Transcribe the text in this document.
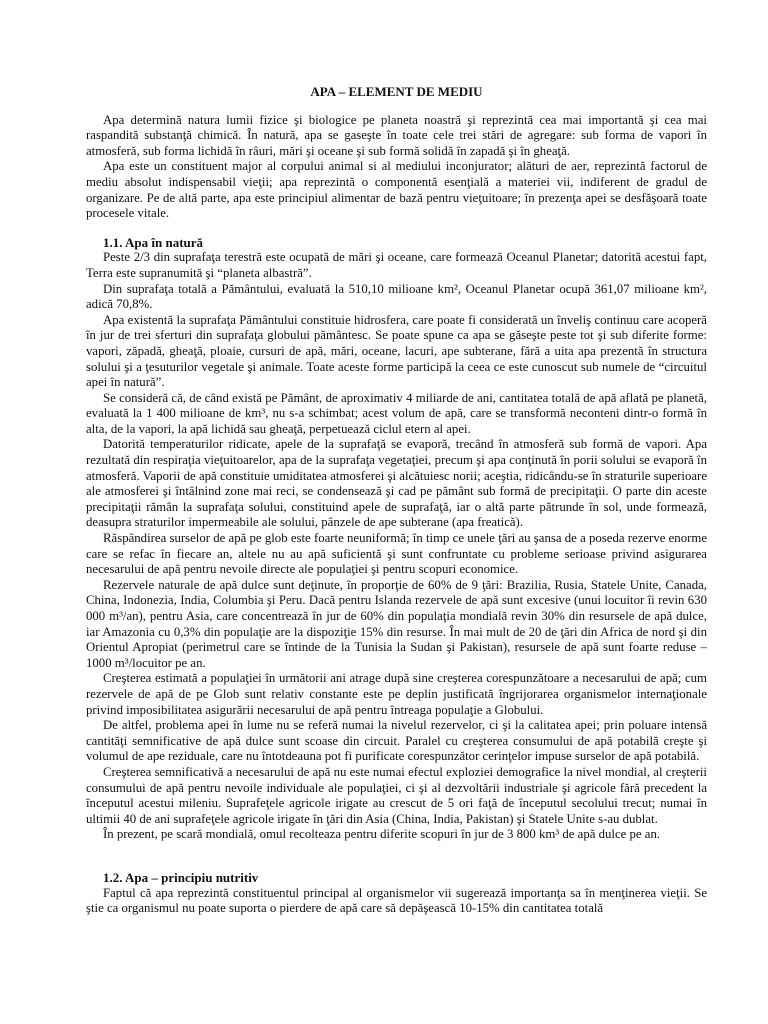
APA – ELEMENT DE MEDIU

Apa determină natura lumii fizice şi biologice pe planeta noastră şi reprezintă cea mai importantă şi cea mai raspandită substanţă chimică. În natură, apa se gaseşte în toate cele trei stări de agregare: sub forma de vapori în atmosferă, sub forma lichidă în râuri, mări şi oceane şi sub formă solidă în zapadă şi în gheaţă.

Apa este un constituent major al corpului animal si al mediului inconjurator; alături de aer, reprezintă factorul de mediu absolut indispensabil vieţii; apa reprezintă o componentă esenţială a materiei vii, indiferent de gradul de organizare. Pe de altă parte, apa este principiul alimentar de bază pentru vieţuitoare; în prezenţa apei se desfăşoară toate procesele vitale.

1.1. Apa în natură

Peste 2/3 din suprafaţa terestră este ocupată de mări şi oceane, care formează Oceanul Planetar; datorită acestui fapt, Terra este supranumită şi “planeta albastră”.

Din suprafaţa totală a Pământului, evaluată la 510,10 milioane km², Oceanul Planetar ocupă 361,07 milioane km², adică 70,8%.

Apa existentă la suprafaţa Pământului constituie hidrosfera, care poate fi considerată un înveliş continuu care acoperă în jur de trei sferturi din suprafaţa globului pământesc. Se poate spune ca apa se găseşte peste tot şi sub diferite forme: vapori, zăpadă, gheaţă, ploaie, cursuri de apă, mări, oceane, lacuri, ape subterane, fără a uita apa prezentă în structura solului şi a ţesuturilor vegetale şi animale. Toate aceste forme participă la ceea ce este cunoscut sub numele de “circuitul apei în natură”.

Se consideră că, de când există pe Pământ, de aproximativ 4 miliarde de ani, cantitatea totală de apă aflată pe planetă, evaluată la 1 400 milioane de km³, nu s-a schimbat; acest volum de apă, care se transformă neconteni dintr-o formă în alta, de la vapori, la apă lichidă sau gheaţă, perpetuează ciclul etern al apei.

Datorită temperaturilor ridicate, apele de la suprafaţă se evaporă, trecând în atmosferă sub formă de vapori. Apa rezultată din respiraţia vieţuitoarelor, apa de la suprafaţa vegetaţiei, precum şi apa conţinută în porii solului se evaporă în atmosferă. Vaporii de apă constituie umiditatea atmosferei şi alcătuiesc norii; aceştia, ridicându-se în straturile superioare ale atmosferei şi întâlnind zone mai reci, se condensează şi cad pe pământ sub formă de precipitaţii. O parte din aceste precipitaţii rămân la suprafaţa solului, constituind apele de suprafaţă, iar o altă parte pătrunde în sol, unde formează, deasupra straturilor impermeabile ale solului, pânzele de ape subterane (apa freatică).

Răspândirea surselor de apă pe glob este foarte neuniformă; în timp ce unele ţări au şansa de a poseda rezerve enorme care se refac în fiecare an, altele nu au apă suficientă şi sunt confruntate cu probleme serioase privind asigurarea necesarului de apă pentru nevoile directe ale populaţiei şi pentru scopuri economice.

Rezervele naturale de apă dulce sunt deţinute, în proporţie de 60% de 9 ţări: Brazilia, Rusia, Statele Unite, Canada, China, Indonezia, India, Columbia şi Peru. Dacă pentru Islanda rezervele de apă sunt excesive (unui locuitor îi revin 630 000 m³/an), pentru Asia, care concentrează în jur de 60% din populaţia mondială revin 30% din resursele de apă dulce, iar Amazonia cu 0,3% din populaţie are la dispoziţie 15% din resurse. În mai mult de 20 de ţări din Africa de nord şi din Orientul Apropiat (perimetrul care se întinde de la Tunisia la Sudan şi Pakistan), resursele de apă sunt foarte reduse –1000 m³/locuitor pe an.

Creşterea estimată a populaţiei în următorii ani atrage după sine creşterea corespunzătoare a necesarului de apă; cum rezervele de apă de pe Glob sunt relativ constante este pe deplin justificată îngrijorarea organismelor internaţionale privind imposibilitatea asigurării necesarului de apă pentru întreaga populaţie a Globului.

De altfel, problema apei în lume nu se referă numai la nivelul rezervelor, ci şi la calitatea apei; prin poluare intensă cantităţi semnificative de apă dulce sunt scoase din circuit. Paralel cu creşterea consumului de apă potabilă creşte şi volumul de ape reziduale, care nu întotdeauna pot fi purificate corespunzător cerinţelor impuse surselor de apă potabilă.

Creşterea semnificativă a necesarului de apă nu este numai efectul exploziei demografice la nivel mondial, al creşterii consumului de apă pentru nevoile individuale ale populaţiei, ci şi al dezvoltării industriale şi agricole fără precedent la începutul acestui mileniu. Suprafeţele agricole irigate au crescut de 5 ori faţă de începutul secolului trecut; numai în ultimii 40 de ani suprafeţele agricole irigate în ţări din Asia (China, India, Pakistan) şi Statele Unite s-au dublat.

În prezent, pe scară mondială, omul recolteaza pentru diferite scopuri în jur de 3 800 km³ de apă dulce pe an.

1.2. Apa – principiu nutritiv

Faptul că apa reprezintă constituentul principal al organismelor vii sugerează importanţa sa în menţinerea vieţii. Se ştie ca organismul nu poate suporta o pierdere de apă care să depăşească 10-15% din cantitatea totală
